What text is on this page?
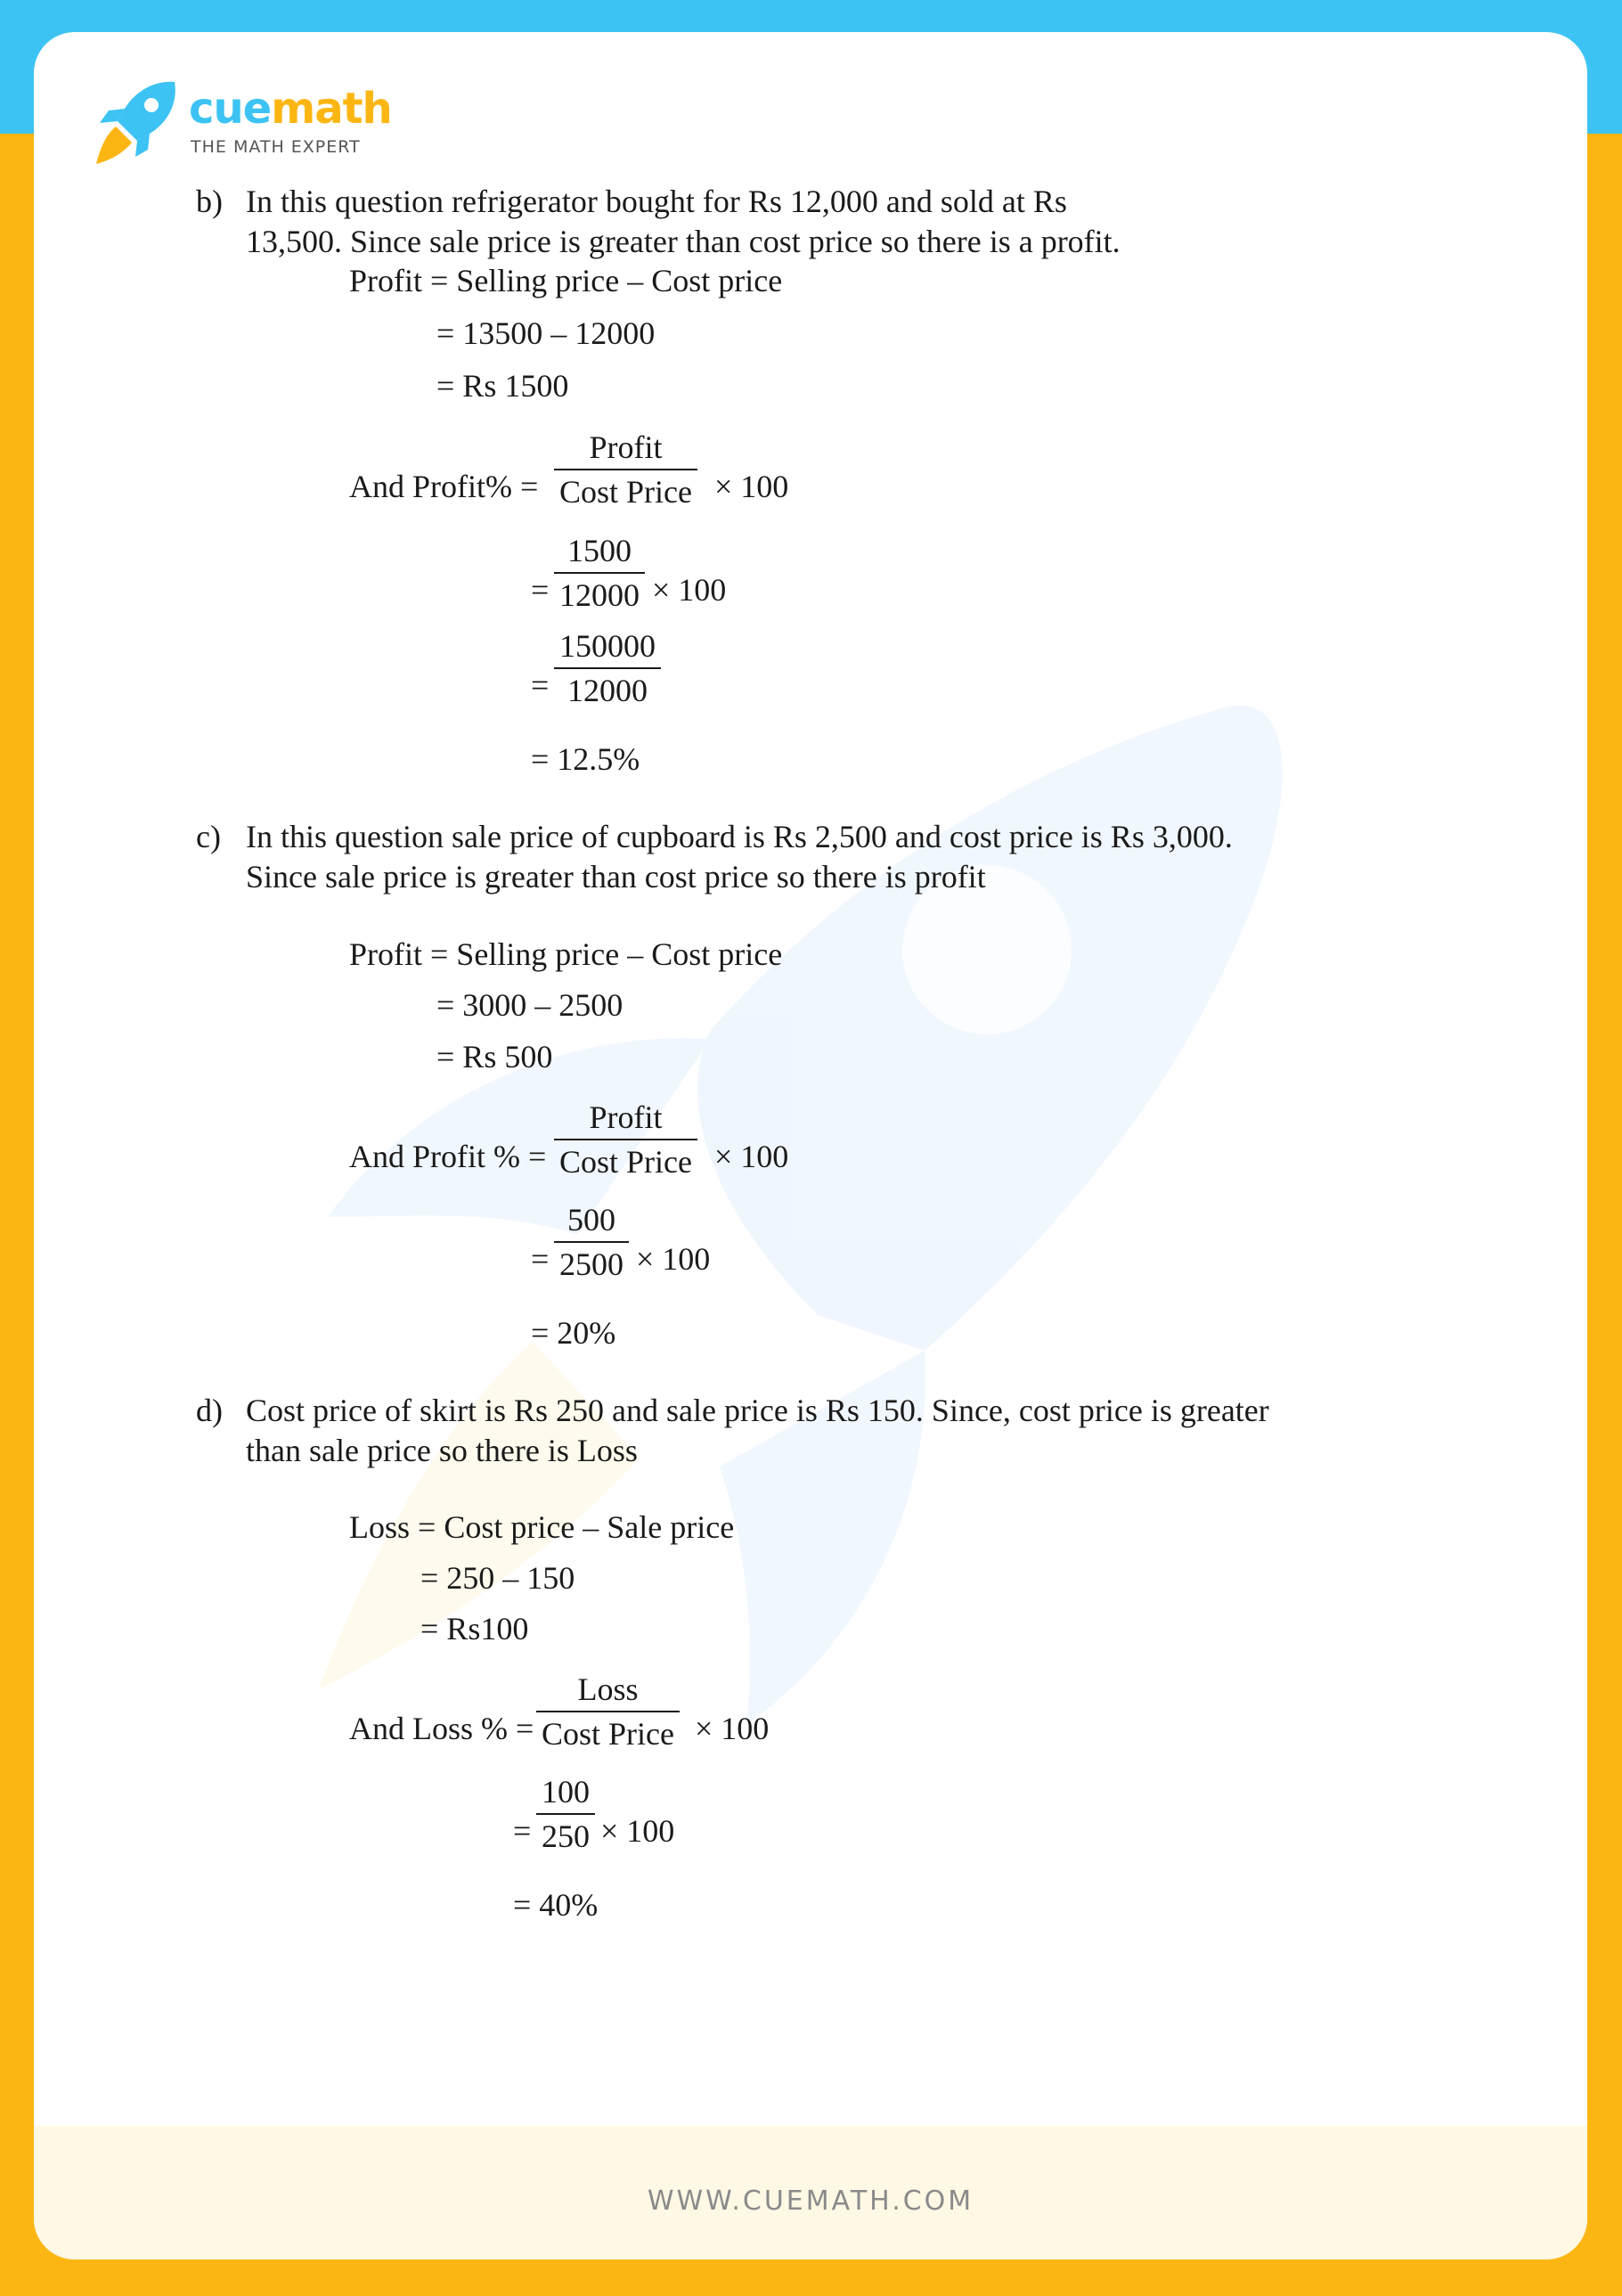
cuemath
THE MATH EXPERT
b) In this question refrigerator bought for Rs 12,000 and sold at Rs
13,500. Since sale price is greater than cost price so there is a profit.
Profit = Selling price – Cost price
= 13500 – 12000
= Rs 1500
And Profit% =
Profit
Cost Price × 100
=
1500
12000 × 100
=
150000
12000
= 12.5%
c) In this question sale price of cupboard is Rs 2,500 and cost price is Rs 3,000.
Since sale price is greater than cost price so there is profit
Profit = Selling price – Cost price
= 3000 – 2500
= Rs 500
And Profit % =
Profit
Cost Price × 100
=
500
2500 × 100
= 20%
d) Cost price of skirt is Rs 250 and sale price is Rs 150. Since, cost price is greater
than sale price so there is Loss
Loss = Cost price – Sale price
= 250 – 150
= Rs100
And Loss % =
Loss
Cost Price × 100
=
100
250 × 100
= 40%
WWW.CUEMATH.COM
